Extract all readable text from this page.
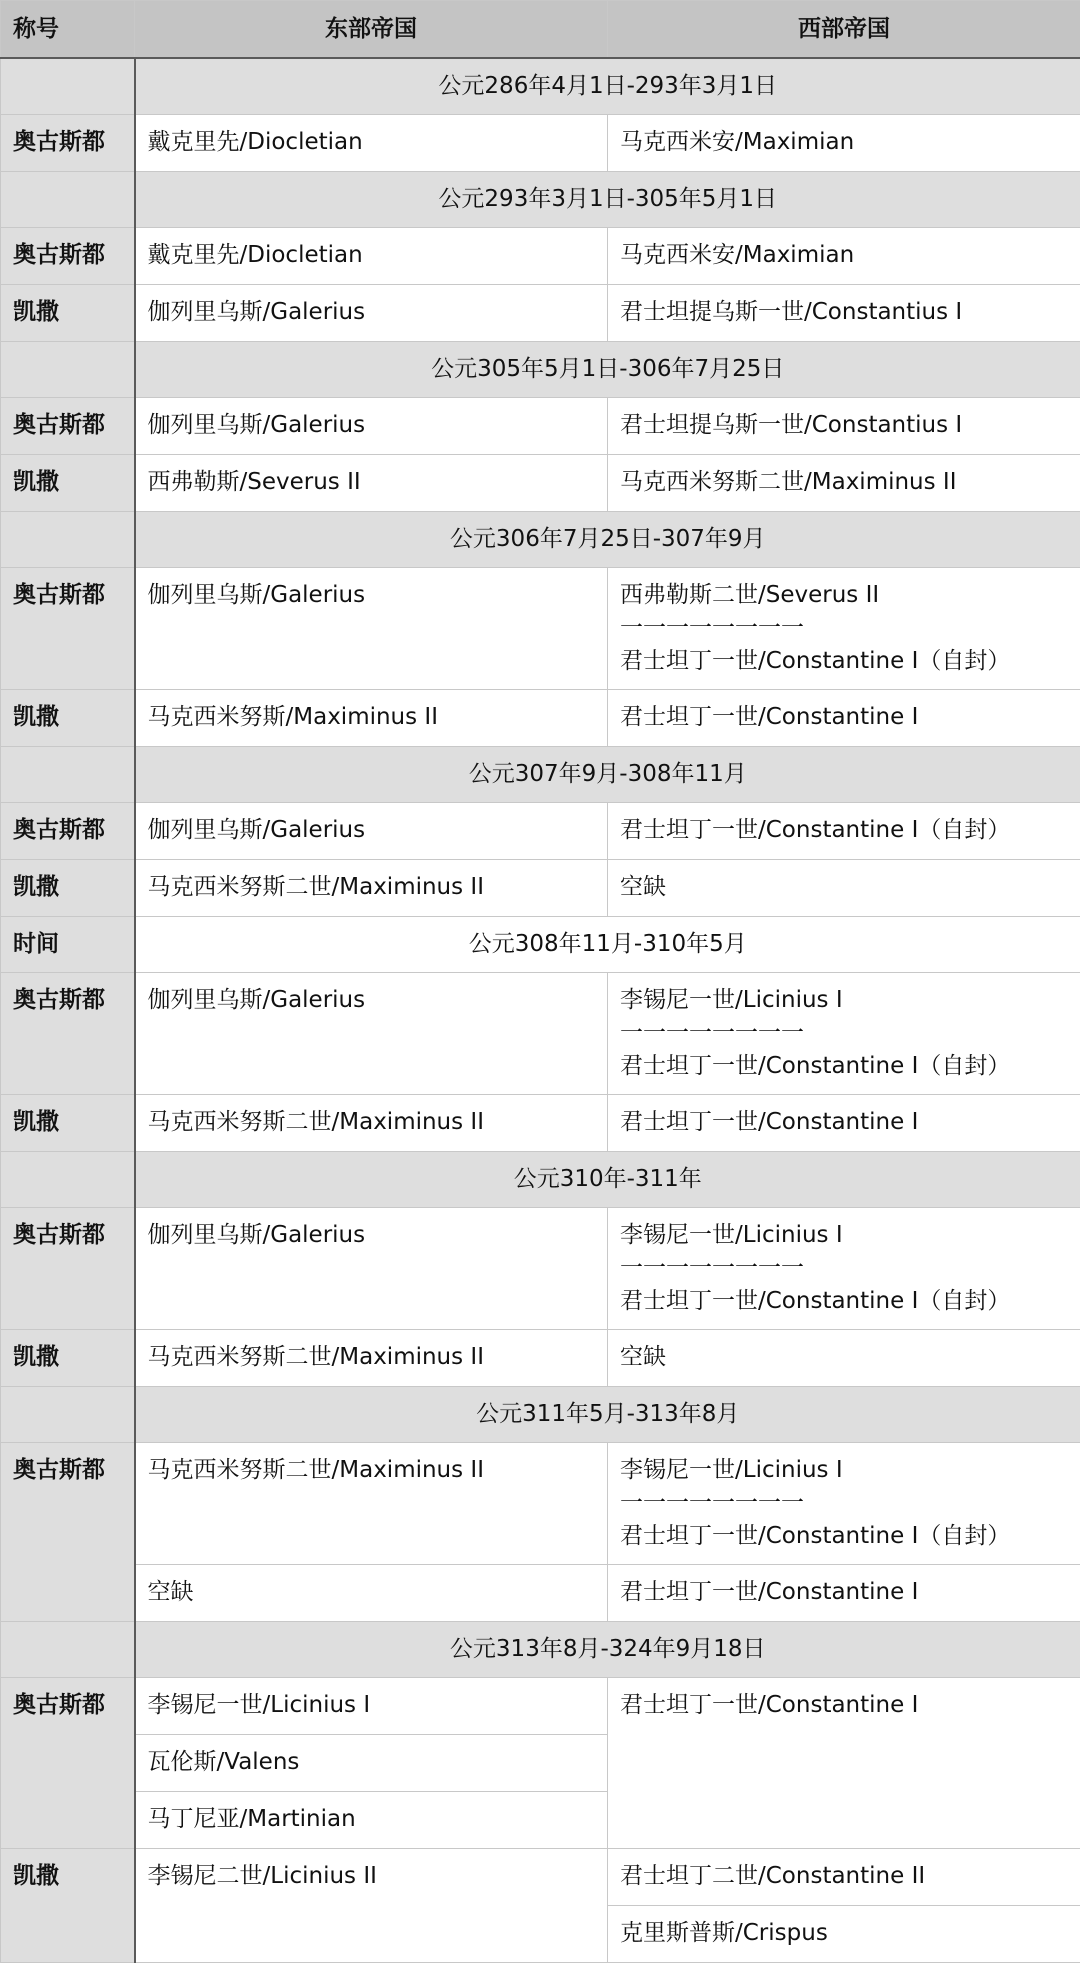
称号	东部帝国	西部帝国
	公元286年4月1日-293年3月1日	
奥古斯都	戴克里先/Diocletian	马克西米安/Maximian

	公元293年3月1日-305年5月1日	
奥古斯都	戴克里先/Diocletian	马克西米安/Maximian

凯撒	伽列里乌斯/Galerius	君士坦提乌斯一世/Constantius I

	公元305年5月1日-306年7月25日	
奥古斯都	伽列里乌斯/Galerius	君士坦提乌斯一世/Constantius I

凯撒	西弗勒斯/Severus II	马克西米努斯二世/Maximinus II

	公元306年7月25日-307年9月	
奥古斯都	伽列里乌斯/Galerius	西弗勒斯二世/Severus II
一一一一一一一一
君士坦丁一世/Constantine I（自封）

凯撒	马克西米努斯/Maximinus II	君士坦丁一世/Constantine I

	公元307年9月-308年11月	
奥古斯都	伽列里乌斯/Galerius	君士坦丁一世/Constantine I（自封）

凯撒	马克西米努斯二世/Maximinus II	空缺

时间	公元308年11月-310年5月	
奥古斯都	伽列里乌斯/Galerius	李锡尼一世/Licinius I
一一一一一一一一
君士坦丁一世/Constantine I（自封）

凯撒	马克西米努斯二世/Maximinus II	君士坦丁一世/Constantine I

	公元310年-311年	
奥古斯都	伽列里乌斯/Galerius	李锡尼一世/Licinius I
一一一一一一一一
君士坦丁一世/Constantine I（自封）

凯撒	马克西米努斯二世/Maximinus II	空缺

	公元311年5月-313年8月	
奥古斯都	马克西米努斯二世/Maximinus II	李锡尼一世/Licinius I
一一一一一一一一
君士坦丁一世/Constantine I（自封）

	空缺	君士坦丁一世/Constantine I
	公元313年8月-324年9月18日	
奥古斯都	李锡尼一世/Licinius I	君士坦丁一世/Constantine I
	瓦伦斯/Valens	
	马丁尼亚/Martinian	
凯撒	李锡尼二世/Licinius II	君士坦丁二世/Constantine II
		克里斯普斯/Crispus
